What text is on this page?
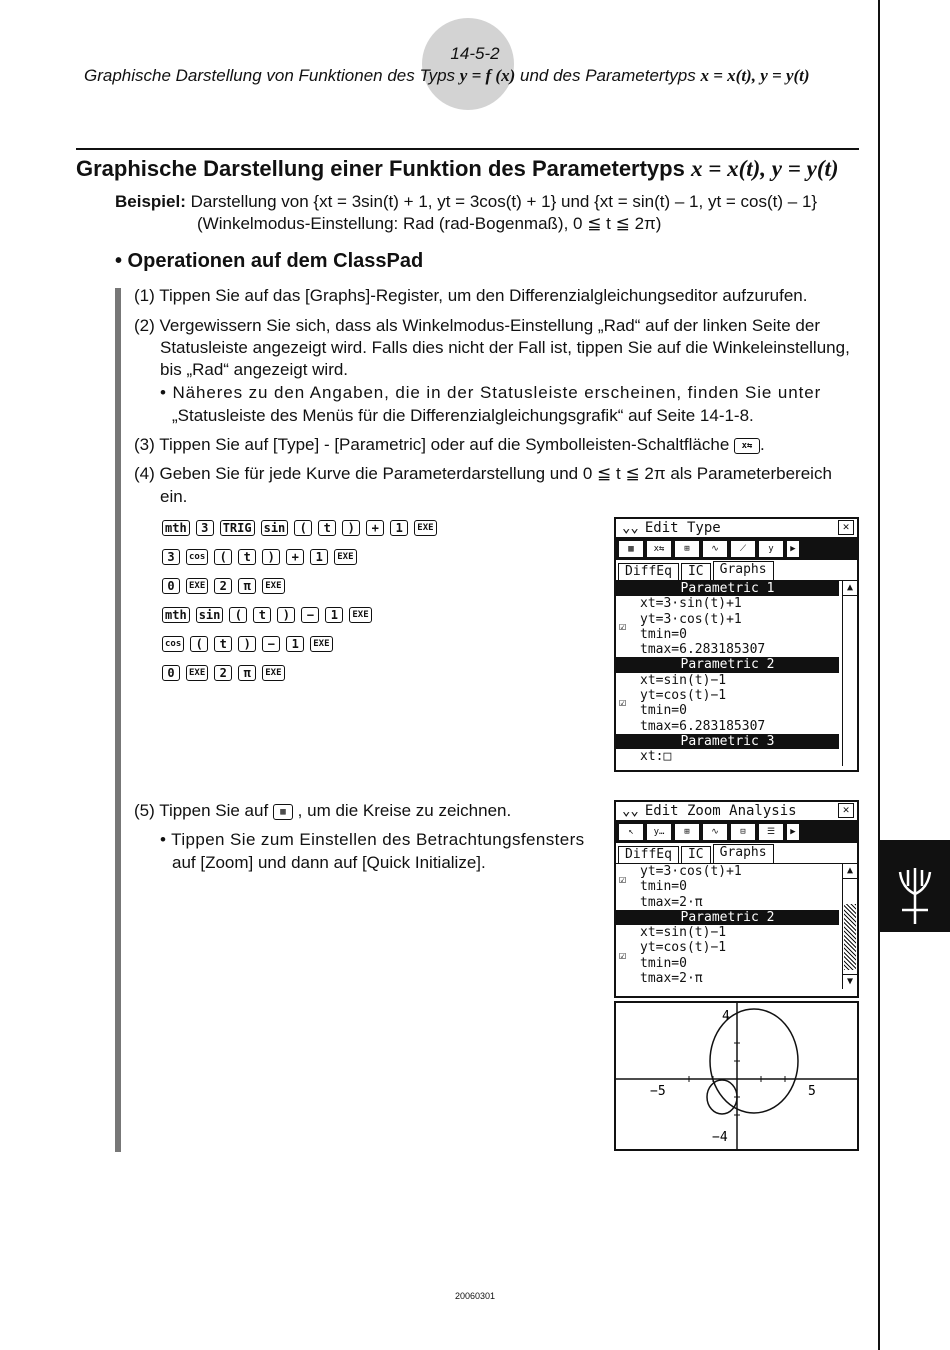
14-5-2
Graphische Darstellung von Funktionen des Typs y = f (x) und des Parametertyps x = x(t), y = y(t)
Graphische Darstellung einer Funktion des Parametertyps x = x(t), y = y(t)
Beispiel: Darstellung von {xt = 3sin(t) + 1, yt = 3cos(t) + 1} und {xt = sin(t) – 1, yt = cos(t) – 1}
(Winkelmodus-Einstellung: Rad (rad-Bogenmaß), 0 ≦ t ≦ 2π)
• Operationen auf dem ClassPad
(1) Tippen Sie auf das [Graphs]-Register, um den Differenzialgleichungseditor aufzurufen.
(2) Vergewissern Sie sich, dass als Winkelmodus-Einstellung „Rad“ auf der linken Seite der
Statusleiste angezeigt wird. Falls dies nicht der Fall ist, tippen Sie auf die Winkeleinstellung,
bis „Rad“ angezeigt wird.
• Näheres zu den Angaben, die in der Statusleiste erscheinen, finden Sie unter
„Statusleiste des Menüs für die Differenzialgleichungsgrafik“ auf Seite 14-1-8.
(3) Tippen Sie auf [Type] - [Parametric] oder auf die Symbolleisten-Schaltfläche x⇆ .
(4) Geben Sie für jede Kurve die Parameterdarstellung und 0 ≦ t ≦ 2π als Parameterbereich
ein.
mth	3	TRIG sin	(	t	)	+	1	EXE
3	cos	(	t	)	+	1	EXE
0	EXE	2	π	EXE
mth sin	(	t	)	−	1	EXE
cos	(	t	)	−	1	EXE
0	EXE	2	π	EXE
⌄⌄ Edit Type	✕
▦	x⇆	⊞	∿	⟋	y	▶
DiffEq	IC	Graphs
Parametric 1
xt=3·sin(t)+1
yt=3·cos(t)+1
tmin=0
tmax=6.283185307
Parametric 2
xt=sin(t)−1
yt=cos(t)−1
tmin=0
tmax=6.283185307
Parametric 3
xt:□
☑
☑
▲
(5) Tippen Sie auf ▦ , um die Kreise zu zeichnen.
• Tippen Sie zum Einstellen des Betrachtungsfensters
auf [Zoom] und dann auf [Quick Initialize].
⌄⌄ Edit Zoom Analysis	✕
↖	y…	⊞	∿	⊟	☰	▶
DiffEq	IC	Graphs
yt=3·cos(t)+1
tmin=0
tmax=2·π
Parametric 2
xt=sin(t)−1
yt=cos(t)−1
tmin=0
tmax=2·π
☑
☑
▲
▼
4
−4
−5	5
20060301
